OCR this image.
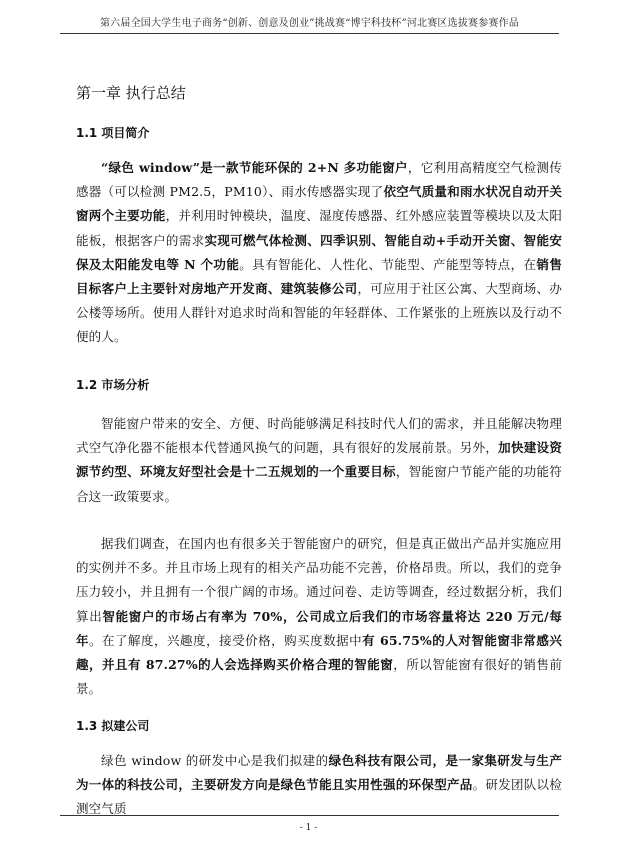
第六届全国大学生电子商务“创新、创意及创业”挑战赛“博宇科技杯”河北赛区选拔赛参赛作品
第一章 执行总结
1.1 项目简介

“绿色 window”是一款节能环保的 2+N 多功能窗户，它利用高精度空气检测传感器（可以检测 PM2.5，PM10）、雨水传感器实现了依空气质量和雨水状况自动开关窗两个主要功能，并利用时钟模块，温度、湿度传感器、红外感应装置等模块以及太阳能板，根据客户的需求实现可燃气体检测、四季识别、智能自动+手动开关窗、智能安保及太阳能发电等 N 个功能。具有智能化、人性化、节能型、产能型等特点，在销售目标客户上主要针对房地产开发商、建筑装修公司，可应用于社区公寓、大型商场、办公楼等场所。使用人群针对追求时尚和智能的年轻群体、工作紧张的上班族以及行动不便的人。

1.2 市场分析

智能窗户带来的安全、方便、时尚能够满足科技时代人们的需求，并且能解决物理式空气净化器不能根本代替通风换气的问题，具有很好的发展前景。另外，加快建设资源节约型、环境友好型社会是十二五规划的一个重要目标，智能窗户节能产能的功能符合这一政策要求。

据我们调查，在国内也有很多关于智能窗户的研究，但是真正做出产品并实施应用的实例并不多。并且市场上现有的相关产品功能不完善，价格昂贵。所以，我们的竞争压力较小，并且拥有一个很广阔的市场。通过问卷、走访等调查，经过数据分析，我们算出智能窗户的市场占有率为 70%，公司成立后我们的市场容量将达 220 万元/每年。在了解度，兴趣度，接受价格，购买度数据中有 65.75%的人对智能窗非常感兴趣，并且有 87.27%的人会选择购买价格合理的智能窗，所以智能窗有很好的销售前景。

1.3 拟建公司

绿色 window 的研发中心是我们拟建的绿色科技有限公司，是一家集研发与生产为一体的科技公司，主要研发方向是绿色节能且实用性强的环保型产品。研发团队以检测空气质

- 1 -
